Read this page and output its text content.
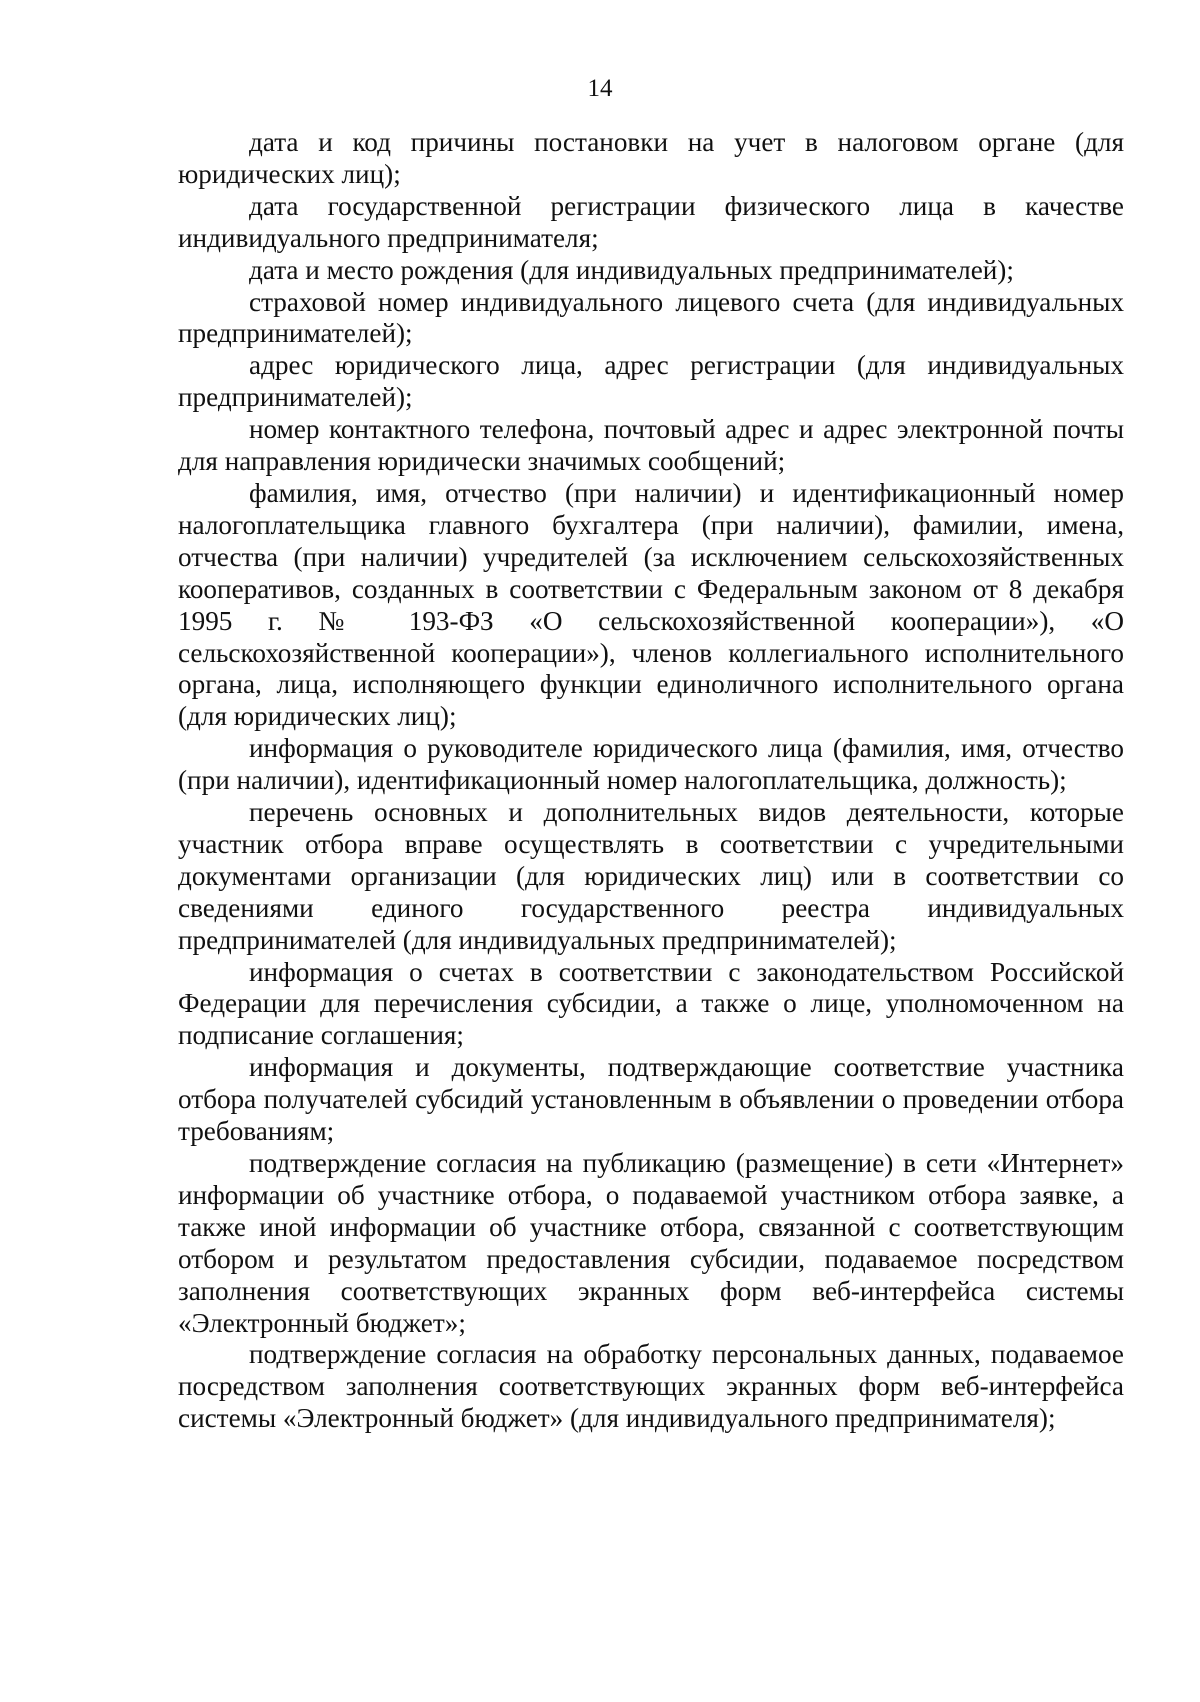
14

дата и код причины постановки на учет в налоговом органе (для юридических лиц);

дата государственной регистрации физического лица в качестве индивидуального предпринимателя;

дата и место рождения (для индивидуальных предпринимателей);

страховой номер индивидуального лицевого счета (для индивидуальных предпринимателей);

адрес юридического лица, адрес регистрации (для индивидуальных предпринимателей);

номер контактного телефона, почтовый адрес и адрес электронной почты для направления юридически значимых сообщений;

фамилия, имя, отчество (при наличии) и идентификационный номер налогоплательщика главного бухгалтера (при наличии), фамилии, имена, отчества (при наличии) учредителей (за исключением сельскохозяйственных кооперативов, созданных в соответствии с Федеральным законом от 8 декабря 1995 г. № 193-ФЗ «О сельскохозяйственной кооперации»), «О сельскохозяйственной кооперации»), членов коллегиального исполнительного органа, лица, исполняющего функции единоличного исполнительного органа (для юридических лиц);

информация о руководителе юридического лица (фамилия, имя, отчество (при наличии), идентификационный номер налогоплательщика, должность);

перечень основных и дополнительных видов деятельности, которые участник отбора вправе осуществлять в соответствии с учредительными документами организации (для юридических лиц) или в соответствии со сведениями единого государственного реестра индивидуальных предпринимателей (для индивидуальных предпринимателей);

информация о счетах в соответствии с законодательством Российской Федерации для перечисления субсидии, а также о лице, уполномоченном на подписание соглашения;

информация и документы, подтверждающие соответствие участника отбора получателей субсидий установленным в объявлении о проведении отбора требованиям;

подтверждение согласия на публикацию (размещение) в сети «Интернет» информации об участнике отбора, о подаваемой участником отбора заявке, а также иной информации об участнике отбора, связанной с соответствующим отбором и результатом предоставления субсидии, подаваемое посредством заполнения соответствующих экранных форм веб-интерфейса системы «Электронный бюджет»;

подтверждение согласия на обработку персональных данных, подаваемое посредством заполнения соответствующих экранных форм веб-интерфейса системы «Электронный бюджет» (для индивидуального предпринимателя);
